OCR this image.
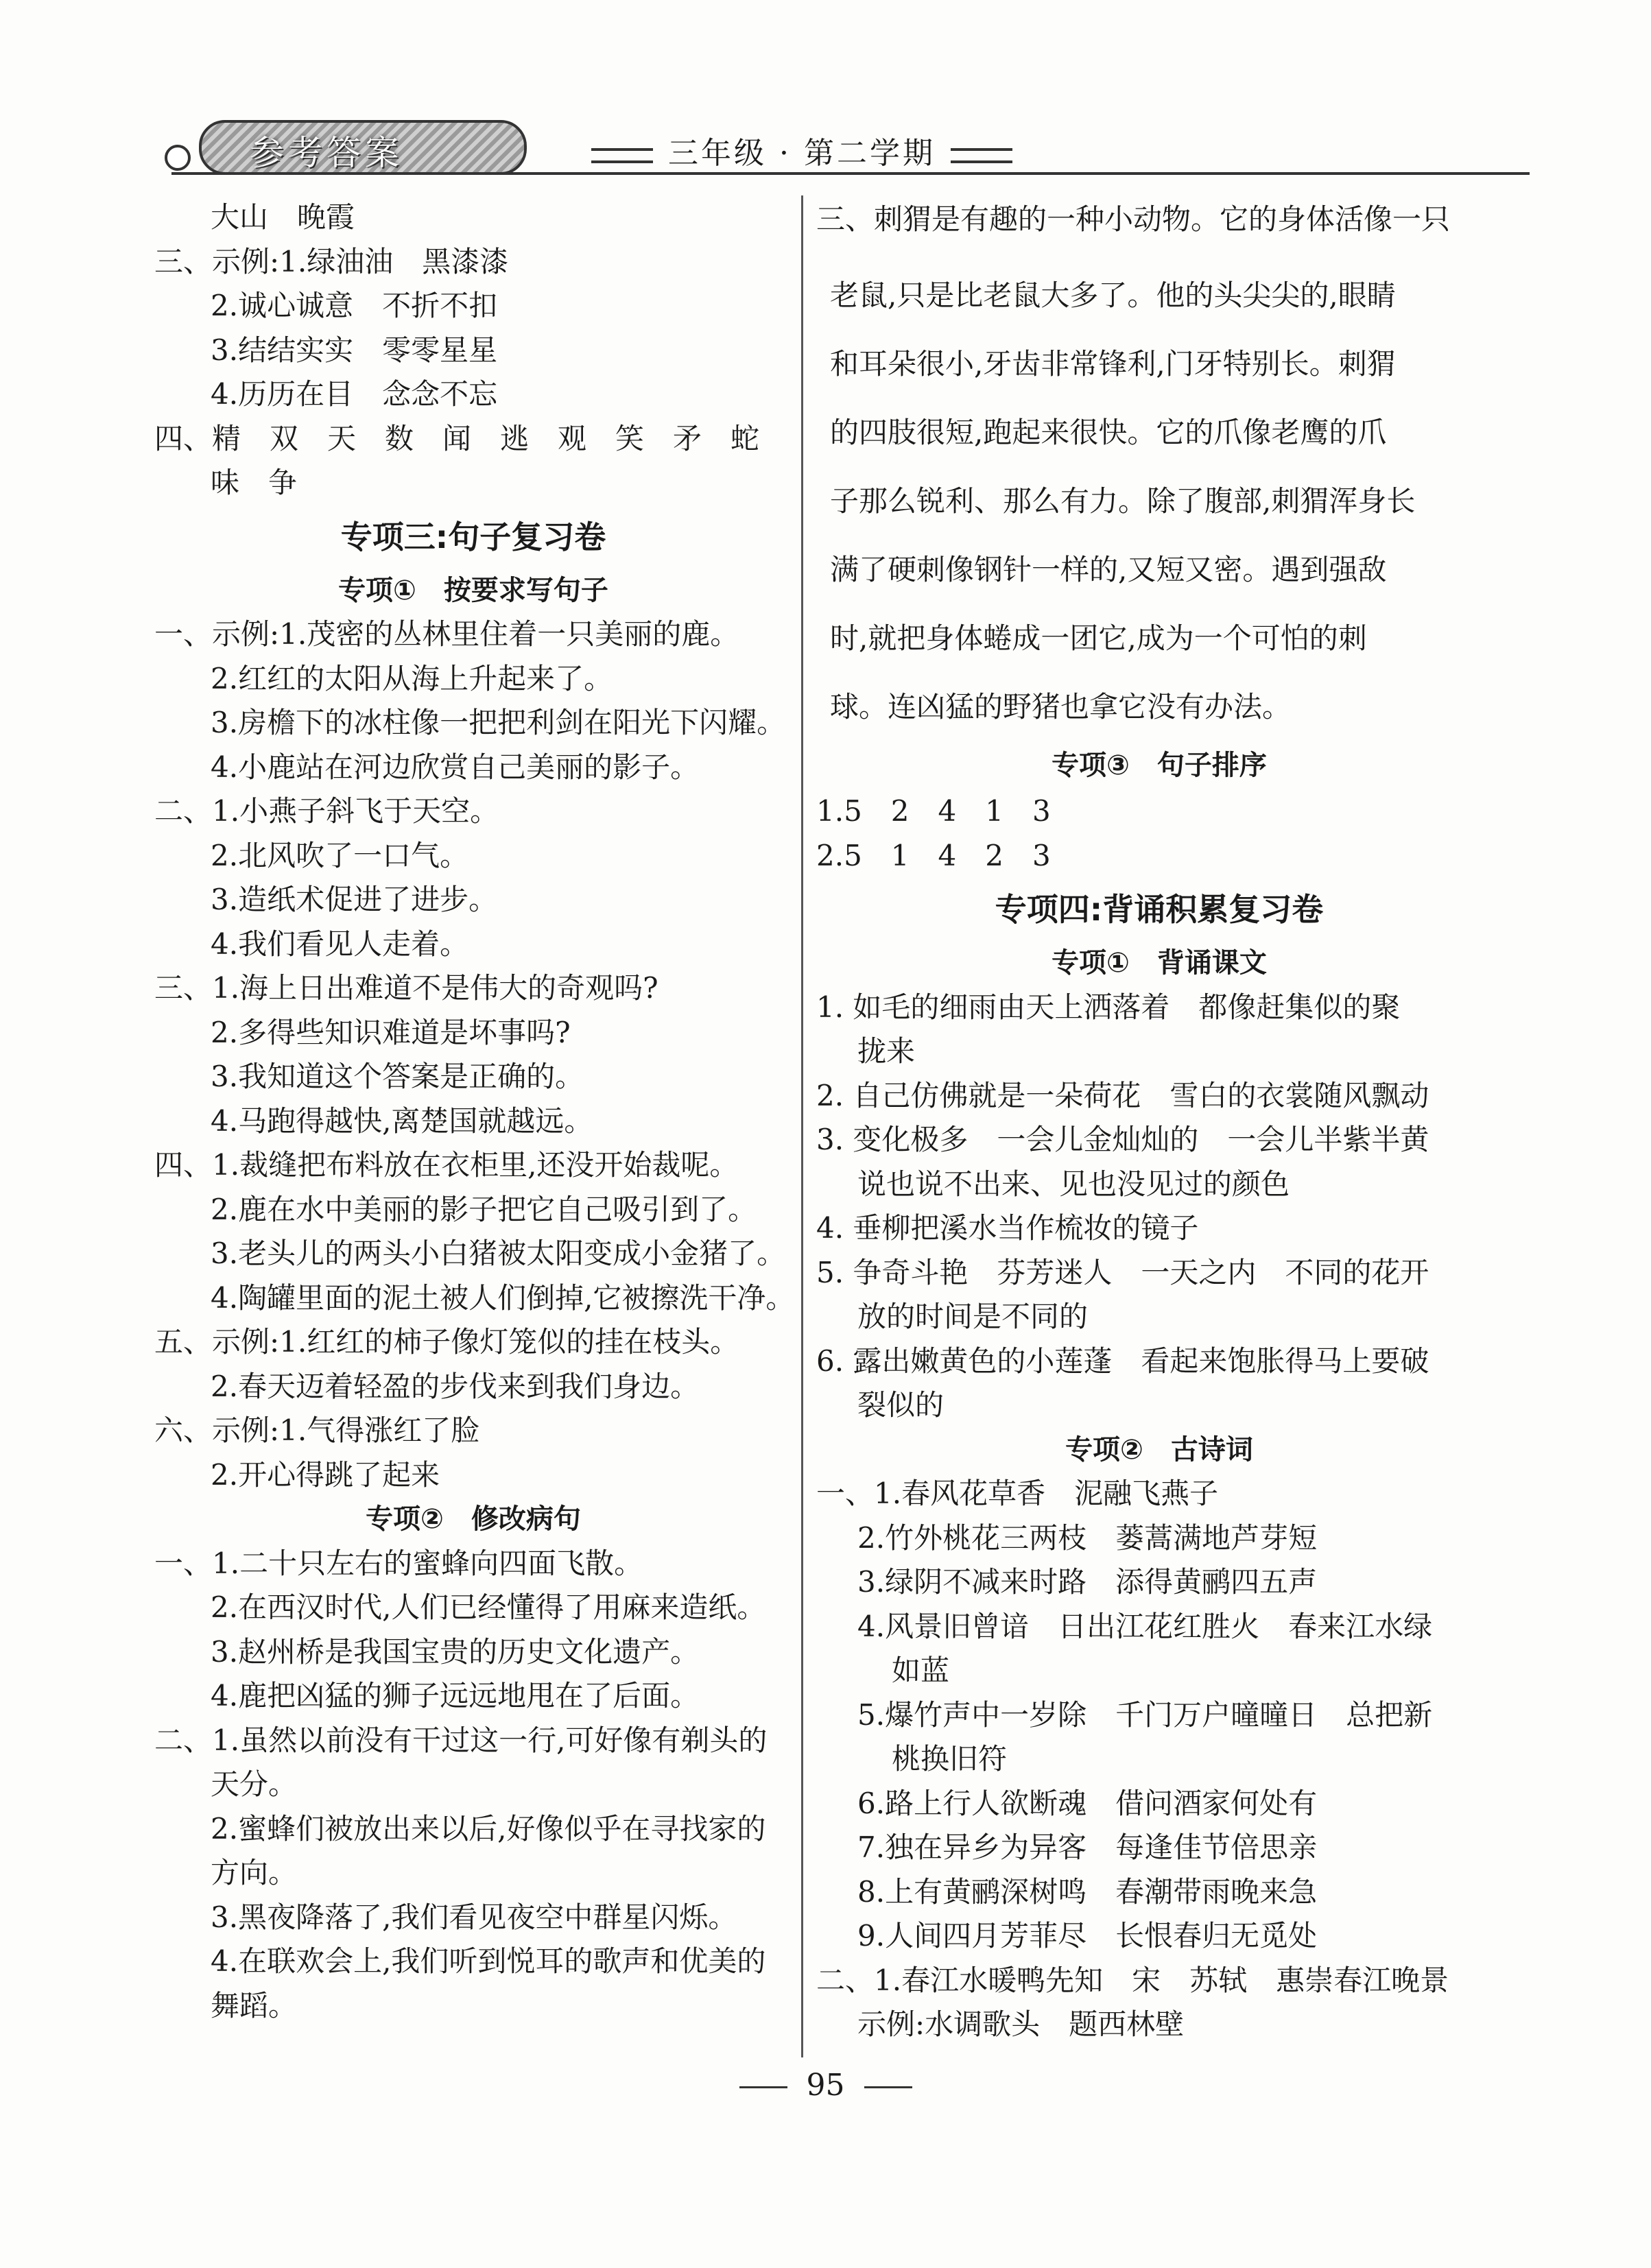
参考答案	三年级 · 第二学期
大山　晚霞
三、示例:1.绿油油　黑漆漆
2.诚心诚意　不折不扣
3.结结实实　零零星星
4.历历在目　念念不忘
四、精　双　天　数　闻　逃　观　笑　矛　蛇
味　争
专项三:句子复习卷
专项①　按要求写句子
一、示例:1.茂密的丛林里住着一只美丽的鹿。
2.红红的太阳从海上升起来了。
3.房檐下的冰柱像一把把利剑在阳光下闪耀。
4.小鹿站在河边欣赏自己美丽的影子。
二、1.小燕子斜飞于天空。
2.北风吹了一口气。
3.造纸术促进了进步。
4.我们看见人走着。
三、1.海上日出难道不是伟大的奇观吗?
2.多得些知识难道是坏事吗?
3.我知道这个答案是正确的。
4.马跑得越快,离楚国就越远。
四、1.裁缝把布料放在衣柜里,还没开始裁呢。
2.鹿在水中美丽的影子把它自己吸引到了。
3.老头儿的两头小白猪被太阳变成小金猪了。
4.陶罐里面的泥土被人们倒掉,它被擦洗干净。
五、示例:1.红红的柿子像灯笼似的挂在枝头。
2.春天迈着轻盈的步伐来到我们身边。
六、示例:1.气得涨红了脸
2.开心得跳了起来
专项②　修改病句
一、1.二十只左右的蜜蜂向四面飞散。
2.在西汉时代,人们已经懂得了用麻来造纸。
3.赵州桥是我国宝贵的历史文化遗产。
4.鹿把凶猛的狮子远远地甩在了后面。
二、1.虽然以前没有干过这一行,可好像有剃头的
天分。
2.蜜蜂们被放出来以后,好像似乎在寻找家的
方向。
3.黑夜降落了,我们看见夜空中群星闪烁。
4.在联欢会上,我们听到悦耳的歌声和优美的
舞蹈。
三、刺猬是有趣的一种小动物。它的身体活像一只
老鼠,只是比老鼠大多了。他的头尖尖的,眼睛
和耳朵很小,牙齿非常锋利,门牙特别长。刺猬
的四肢很短,跑起来很快。它的爪像老鹰的爪
子那么锐利、那么有力。除了腹部,刺猬浑身长
满了硬刺像钢针一样的,又短又密。遇到强敌
时,就把身体蜷成一团它,成为一个可怕的刺
球。连凶猛的野猪也拿它没有办法。
专项③　句子排序
1.5　2　4　1　3
2.5　1　4　2　3
专项四:背诵积累复习卷
专项①　背诵课文
1. 如毛的细雨由天上洒落着　都像赶集似的聚
拢来
2. 自己仿佛就是一朵荷花　雪白的衣裳随风飘动
3. 变化极多　一会儿金灿灿的　一会儿半紫半黄
说也说不出来、见也没见过的颜色
4. 垂柳把溪水当作梳妆的镜子
5. 争奇斗艳　芬芳迷人　一天之内　不同的花开
放的时间是不同的
6. 露出嫩黄色的小莲蓬　看起来饱胀得马上要破
裂似的
专项②　古诗词
一、1.春风花草香　泥融飞燕子
2.竹外桃花三两枝　蒌蒿满地芦芽短
3.绿阴不减来时路　添得黄鹂四五声
4.风景旧曾谙　日出江花红胜火　春来江水绿
如蓝
5.爆竹声中一岁除　千门万户曈曈日　总把新
桃换旧符
6.路上行人欲断魂　借问酒家何处有
7.独在异乡为异客　每逢佳节倍思亲
8.上有黄鹂深树鸣　春潮带雨晚来急
9.人间四月芳菲尽　长恨春归无觅处
二、1.春江水暖鸭先知　宋　苏轼　惠崇春江晚景
示例:水调歌头　题西林壁
95
